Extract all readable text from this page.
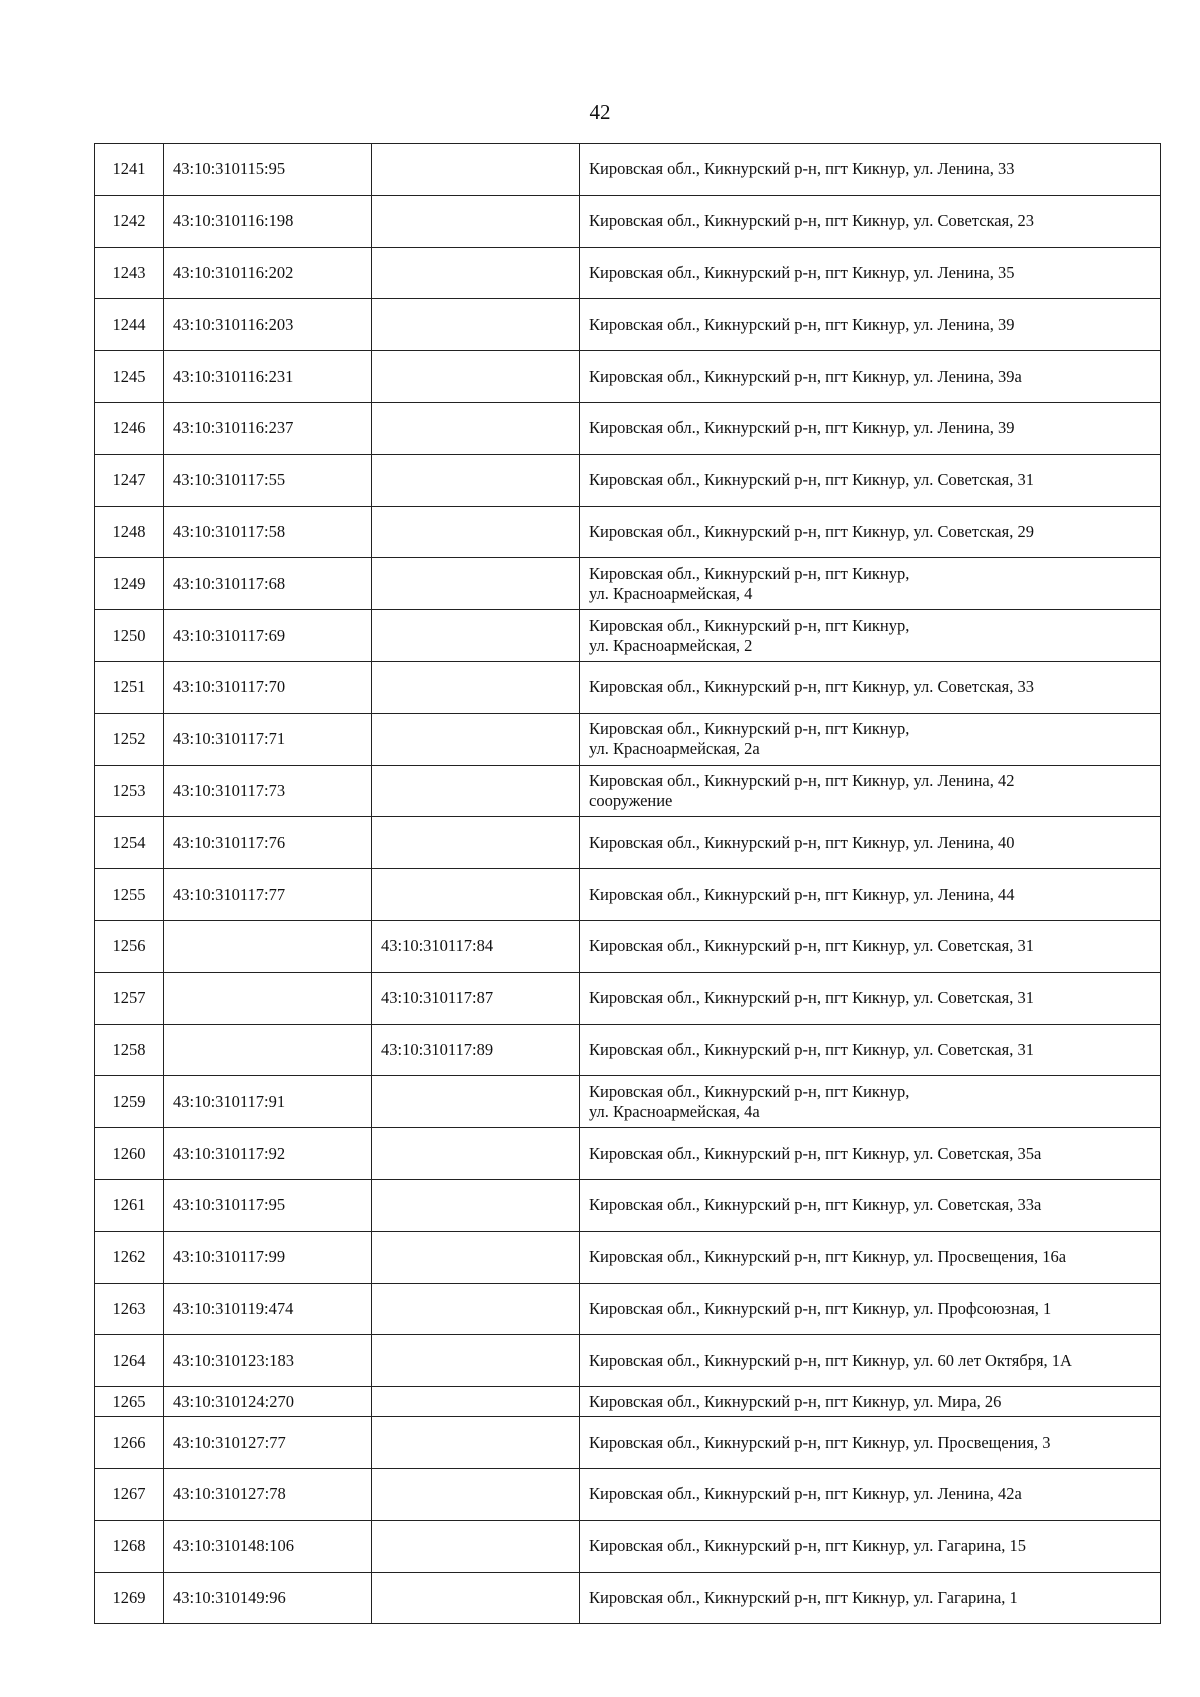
42
1241	43:10:310115:95		Кировская обл., Кикнурский р-н, пгт Кикнур, ул. Ленина, 33

1242	43:10:310116:198		Кировская обл., Кикнурский р-н, пгт Кикнур, ул. Советская, 23

1243	43:10:310116:202		Кировская обл., Кикнурский р-н, пгт Кикнур, ул. Ленина, 35

1244	43:10:310116:203		Кировская обл., Кикнурский р-н, пгт Кикнур, ул. Ленина, 39

1245	43:10:310116:231		Кировская обл., Кикнурский р-н, пгт Кикнур, ул. Ленина, 39а

1246	43:10:310116:237		Кировская обл., Кикнурский р-н, пгт Кикнур, ул. Ленина, 39

1247	43:10:310117:55		Кировская обл., Кикнурский р-н, пгт Кикнур, ул. Советская, 31

1248	43:10:310117:58		Кировская обл., Кикнурский р-н, пгт Кикнур, ул. Советская, 29

1249	43:10:310117:68		Кировская обл., Кикнурский р-н, пгт Кикнур,
ул. Красноармейская, 4

1250	43:10:310117:69		Кировская обл., Кикнурский р-н, пгт Кикнур,
ул. Красноармейская, 2

1251	43:10:310117:70		Кировская обл., Кикнурский р-н, пгт Кикнур, ул. Советская, 33

1252	43:10:310117:71		Кировская обл., Кикнурский р-н, пгт Кикнур,
ул. Красноармейская, 2а

1253	43:10:310117:73		Кировская обл., Кикнурский р-н, пгт Кикнур, ул. Ленина, 42
сооружение

1254	43:10:310117:76		Кировская обл., Кикнурский р-н, пгт Кикнур, ул. Ленина, 40

1255	43:10:310117:77		Кировская обл., Кикнурский р-н, пгт Кикнур, ул. Ленина, 44

1256		43:10:310117:84	Кировская обл., Кикнурский р-н, пгт Кикнур, ул. Советская, 31

1257		43:10:310117:87	Кировская обл., Кикнурский р-н, пгт Кикнур, ул. Советская, 31

1258		43:10:310117:89	Кировская обл., Кикнурский р-н, пгт Кикнур, ул. Советская, 31

1259	43:10:310117:91		Кировская обл., Кикнурский р-н, пгт Кикнур,
ул. Красноармейская, 4а

1260	43:10:310117:92		Кировская обл., Кикнурский р-н, пгт Кикнур, ул. Советская, 35а

1261	43:10:310117:95		Кировская обл., Кикнурский р-н, пгт Кикнур, ул. Советская, 33а

1262	43:10:310117:99		Кировская обл., Кикнурский р-н, пгт Кикнур, ул. Просвещения, 16а

1263	43:10:310119:474		Кировская обл., Кикнурский р-н, пгт Кикнур, ул. Профсоюзная, 1

1264	43:10:310123:183		Кировская обл., Кикнурский р-н, пгт Кикнур, ул. 60 лет Октября, 1А

1265	43:10:310124:270		Кировская обл., Кикнурский р-н, пгт Кикнур, ул. Мира, 26

1266	43:10:310127:77		Кировская обл., Кикнурский р-н, пгт Кикнур, ул. Просвещения, 3

1267	43:10:310127:78		Кировская обл., Кикнурский р-н, пгт Кикнур, ул. Ленина, 42а

1268	43:10:310148:106		Кировская обл., Кикнурский р-н, пгт Кикнур, ул. Гагарина, 15

1269	43:10:310149:96		Кировская обл., Кикнурский р-н, пгт Кикнур, ул. Гагарина, 1
